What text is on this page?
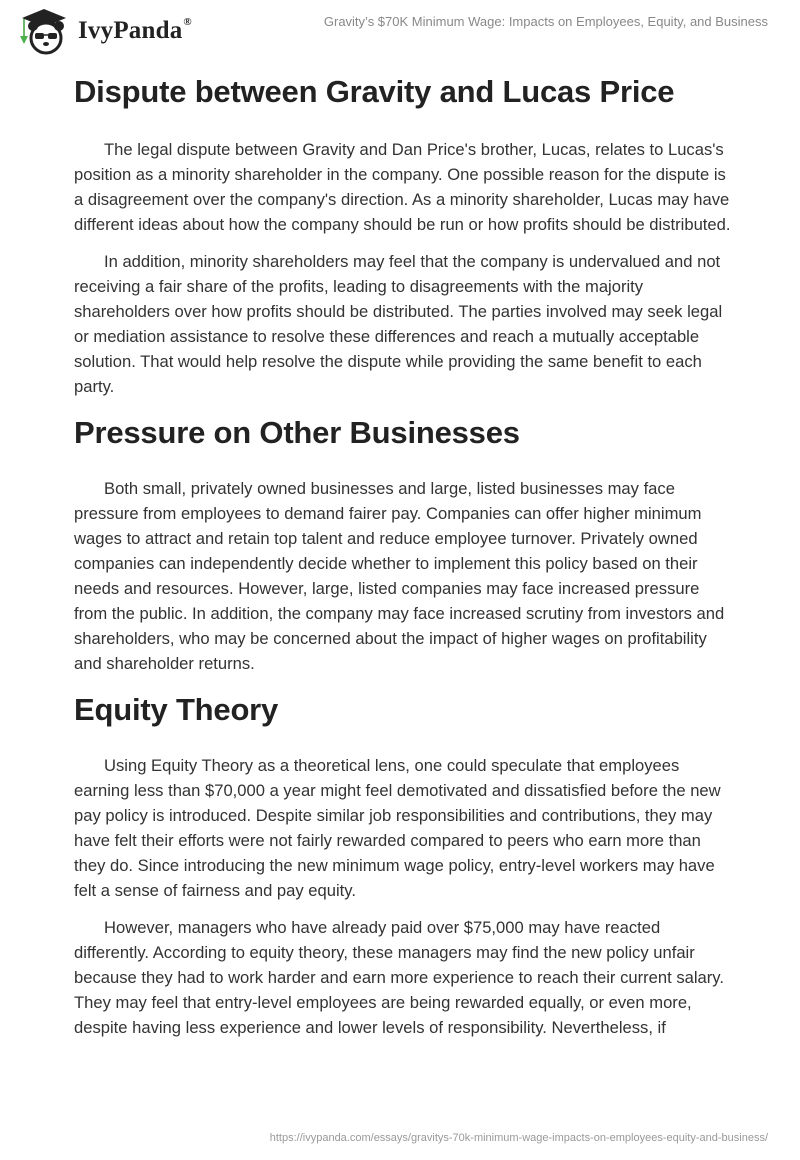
IvyPanda®	Gravity’s $70K Minimum Wage: Impacts on Employees, Equity, and Business
Dispute between Gravity and Lucas Price

The legal dispute between Gravity and Dan Price's brother, Lucas, relates to Lucas's position as a minority shareholder in the company. One possible reason for the dispute is a disagreement over the company's direction. As a minority shareholder, Lucas may have different ideas about how the company should be run or how profits should be distributed.

In addition, minority shareholders may feel that the company is undervalued and not receiving a fair share of the profits, leading to disagreements with the majority shareholders over how profits should be distributed. The parties involved may seek legal or mediation assistance to resolve these differences and reach a mutually acceptable solution. That would help resolve the dispute while providing the same benefit to each party.

Pressure on Other Businesses

Both small, privately owned businesses and large, listed businesses may face pressure from employees to demand fairer pay. Companies can offer higher minimum wages to attract and retain top talent and reduce employee turnover. Privately owned companies can independently decide whether to implement this policy based on their needs and resources. However, large, listed companies may face increased pressure from the public. In addition, the company may face increased scrutiny from investors and shareholders, who may be concerned about the impact of higher wages on profitability and shareholder returns.

Equity Theory

Using Equity Theory as a theoretical lens, one could speculate that employees earning less than $70,000 a year might feel demotivated and dissatisfied before the new pay policy is introduced. Despite similar job responsibilities and contributions, they may have felt their efforts were not fairly rewarded compared to peers who earn more than they do. Since introducing the new minimum wage policy, entry-level workers may have felt a sense of fairness and pay equity.

However, managers who have already paid over $75,000 may have reacted differently. According to equity theory, these managers may find the new policy unfair because they had to work harder and earn more experience to reach their current salary. They may feel that entry-level employees are being rewarded equally, or even more, despite having less experience and lower levels of responsibility. Nevertheless, if

https://ivypanda.com/essays/gravitys-70k-minimum-wage-impacts-on-employees-equity-and-business/
